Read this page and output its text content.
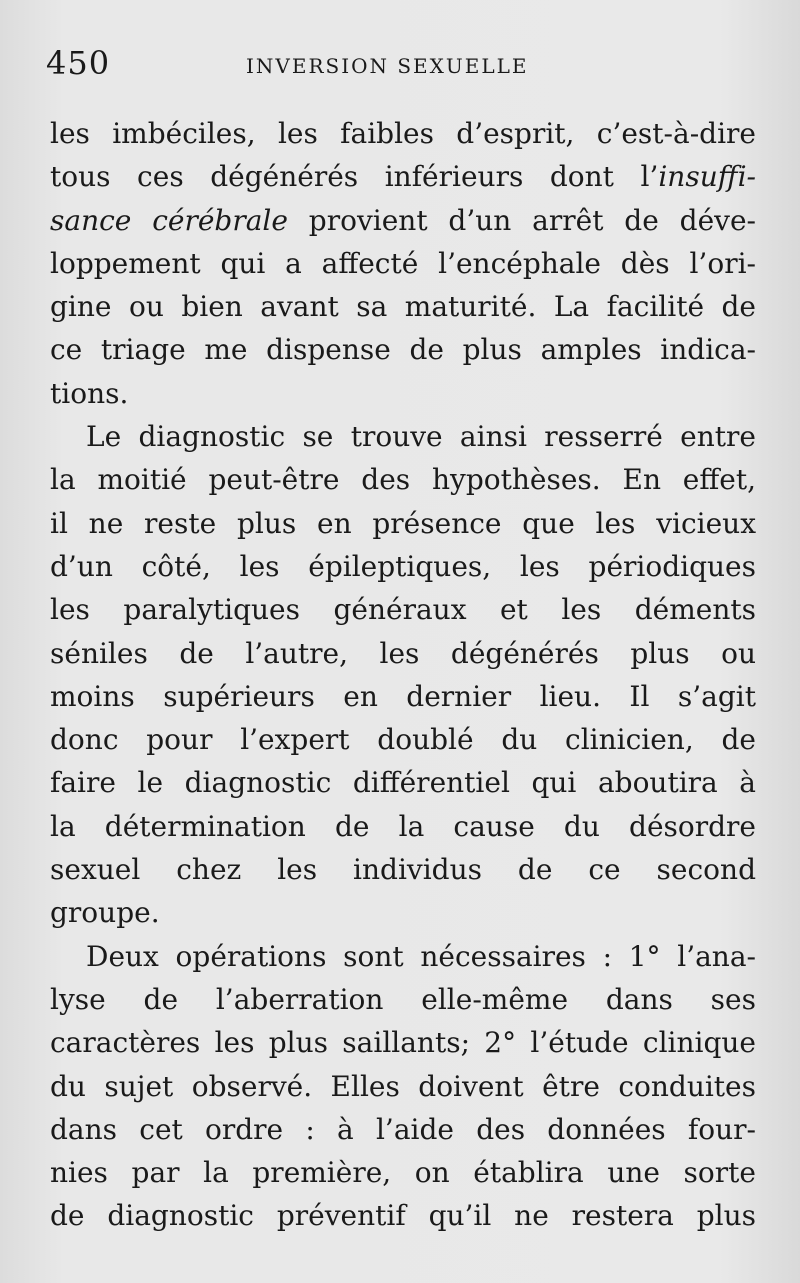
450	INVERSION SEXUELLE
les imbéciles, les faibles d’esprit, c’est-à-dire
tous ces dégénérés inférieurs dont l’insuffi-
sance cérébrale provient d’un arrêt de déve-
loppement qui a affecté l’encéphale dès l’ori-
gine ou bien avant sa maturité. La facilité de
ce triage me dispense de plus amples indica-
tions.
Le diagnostic se trouve ainsi resserré entre
la moitié peut-être des hypothèses. En effet,
il ne reste plus en présence que les vicieux
d’un côté, les épileptiques, les périodiques
les paralytiques généraux et les déments
séniles de l’autre, les dégénérés plus ou
moins supérieurs en dernier lieu. Il s’agit
donc pour l’expert doublé du clinicien, de
faire le diagnostic différentiel qui aboutira à
la détermination de la cause du désordre
sexuel chez les individus de ce second
groupe.
Deux opérations sont nécessaires : 1° l’ana-
lyse de l’aberration elle-même dans ses
caractères les plus saillants; 2° l’étude clinique
du sujet observé. Elles doivent être conduites
dans cet ordre : à l’aide des données four-
nies par la première, on établira une sorte
de diagnostic préventif qu’il ne restera plus
